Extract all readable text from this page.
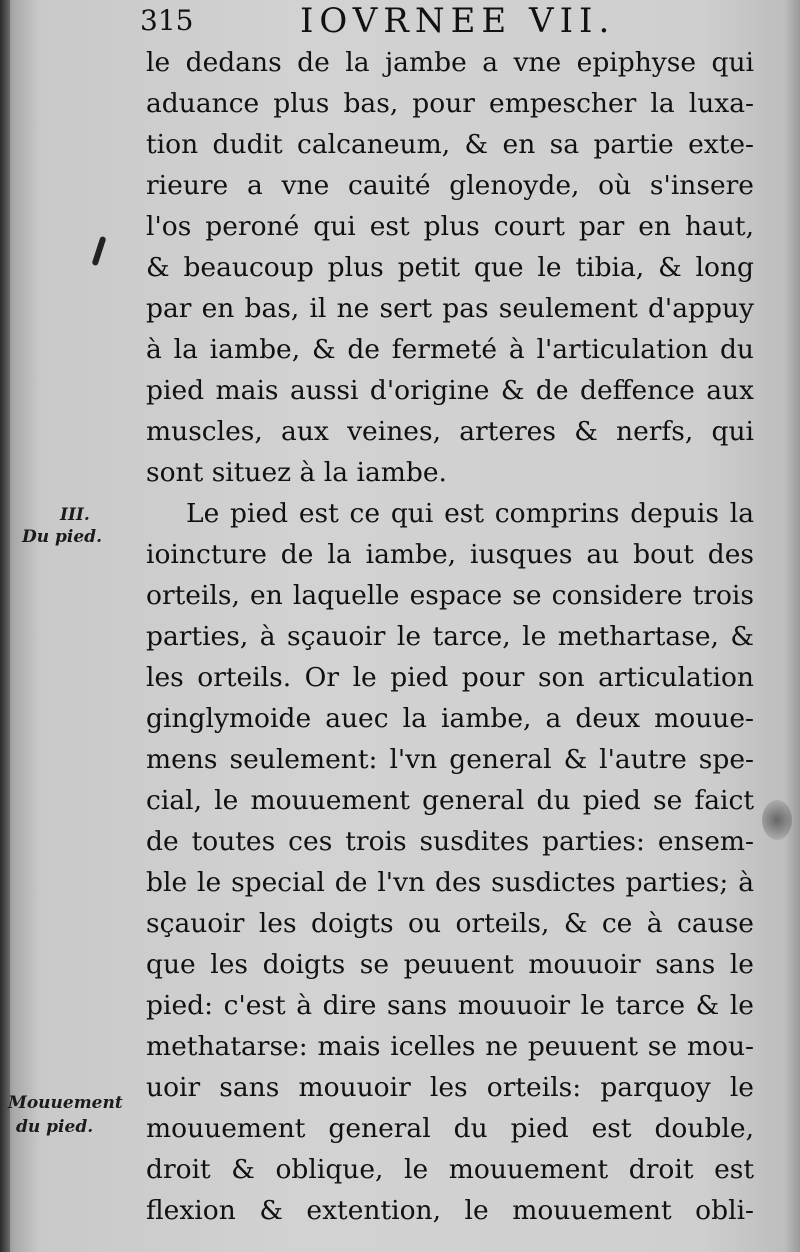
315	IOVRNEE VII.
III.
Du pied.
Mouuement
du pied.
le dedans de la jambe a vne epiphyse qui
aduance plus bas, pour empescher la luxa-
tion dudit calcaneum, & en sa partie exte-
rieure a vne cauité glenoyde, où s'insere
l'os peroné qui est plus court par en haut,
& beaucoup plus petit que le tibia, & long
par en bas, il ne sert pas seulement d'appuy
à la iambe, & de fermeté à l'articulation du
pied mais aussi d'origine & de deffence aux
muscles, aux veines, arteres & nerfs, qui
sont situez à la iambe.
Le pied est ce qui est comprins depuis la
ioincture de la iambe, iusques au bout des
orteils, en laquelle espace se considere trois
parties, à sçauoir le tarce, le methartase, &
les orteils. Or le pied pour son articulation
ginglymoide auec la iambe, a deux mouue-
mens seulement: l'vn general & l'autre spe-
cial, le mouuement general du pied se faict
de toutes ces trois susdites parties: ensem-
ble le special de l'vn des susdictes parties; à
sçauoir les doigts ou orteils, & ce à cause
que les doigts se peuuent mouuoir sans le
pied: c'est à dire sans mouuoir le tarce & le
methatarse: mais icelles ne peuuent se mou-
uoir sans mouuoir les orteils: parquoy le
mouuement general du pied est double,
droit & oblique, le mouuement droit est
flexion & extention, le mouuement obli-
